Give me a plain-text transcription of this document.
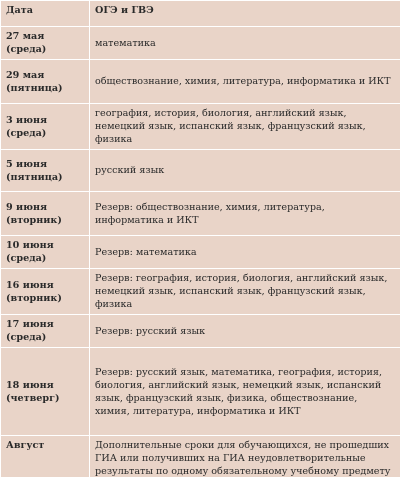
Дата	ОГЭ и ГВЭ
27 мая (среда)	математика
29 мая (пятница)	обществознание, химия, литература, информатика и ИКТ
3 июня (среда)	география, история, биология, английский язык, немецкий язык, испанский язык, французский язык, физика
5 июня (пятница)	русский язык
9 июня (вторник)	Резерв: обществознание, химия, литература, информатика и ИКТ
10 июня (среда)	Резерв: математика
16 июня (вторник)	Резерв: география, история, биология, английский язык, немецкий язык, испанский язык, французский язык, физика
17 июня (среда)	Резерв: русский язык
18 июня (четверг)	Резерв: русский язык, математика, география, история, биология, английский язык, немецкий язык, испанский язык, французский язык, физика, обществознание, химия, литература, информатика и ИКТ
Август	Дополнительные сроки для обучающихся, не прошедших ГИА или получивших на ГИА неудовлетворительные результаты по одному обязательному учебному предмету
